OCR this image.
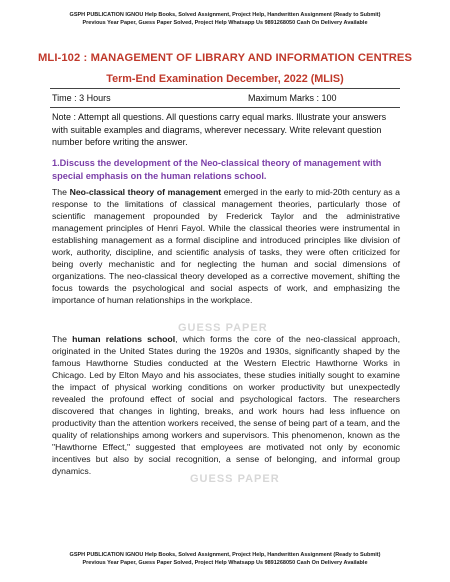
GSPH PUBLICATION IGNOU Help Books, Solved Assignment, Project Help, Handwritten Assignment (Ready to Submit)
Previous Year Paper, Guess Paper Solved, Project Help Whatsapp Us 9891268050 Cash On Delivery Available
MLI-102 : MANAGEMENT OF LIBRARY AND INFORMATION CENTRES
Term-End Examination December, 2022 (MLIS)
Time : 3 Hours	Maximum Marks : 100
Note : Attempt all questions. All questions carry equal marks. Illustrate your answers with suitable examples and diagrams, wherever necessary. Write relevant question number before writing the answer.
1.Discuss the development of the Neo-classical theory of management with special emphasis on the human relations school.
The Neo-classical theory of management emerged in the early to mid-20th century as a response to the limitations of classical management theories, particularly those of scientific management propounded by Frederick Taylor and the administrative management principles of Henri Fayol. While the classical theories were instrumental in establishing management as a formal discipline and introduced principles like division of work, authority, discipline, and scientific analysis of tasks, they were often criticized for being overly mechanistic and for neglecting the human and social dimensions of organizations. The neo-classical theory developed as a corrective movement, shifting the focus towards the psychological and social aspects of work, and emphasizing the importance of human relationships in the workplace.
The human relations school, which forms the core of the neo-classical approach, originated in the United States during the 1920s and 1930s, significantly shaped by the famous Hawthorne Studies conducted at the Western Electric Hawthorne Works in Chicago. Led by Elton Mayo and his associates, these studies initially sought to examine the impact of physical working conditions on worker productivity but unexpectedly revealed the profound effect of social and psychological factors. The researchers discovered that changes in lighting, breaks, and work hours had less influence on productivity than the attention workers received, the sense of being part of a team, and the quality of relationships among workers and supervisors. This phenomenon, known as the "Hawthorne Effect," suggested that employees are motivated not only by economic incentives but also by social recognition, a sense of belonging, and informal group dynamics.
GUESS PAPER
GUESS PAPER
GSPH PUBLICATION IGNOU Help Books, Solved Assignment, Project Help, Handwritten Assignment (Ready to Submit)
Previous Year Paper, Guess Paper Solved, Project Help Whatsapp Us 9891268050 Cash On Delivery Available
